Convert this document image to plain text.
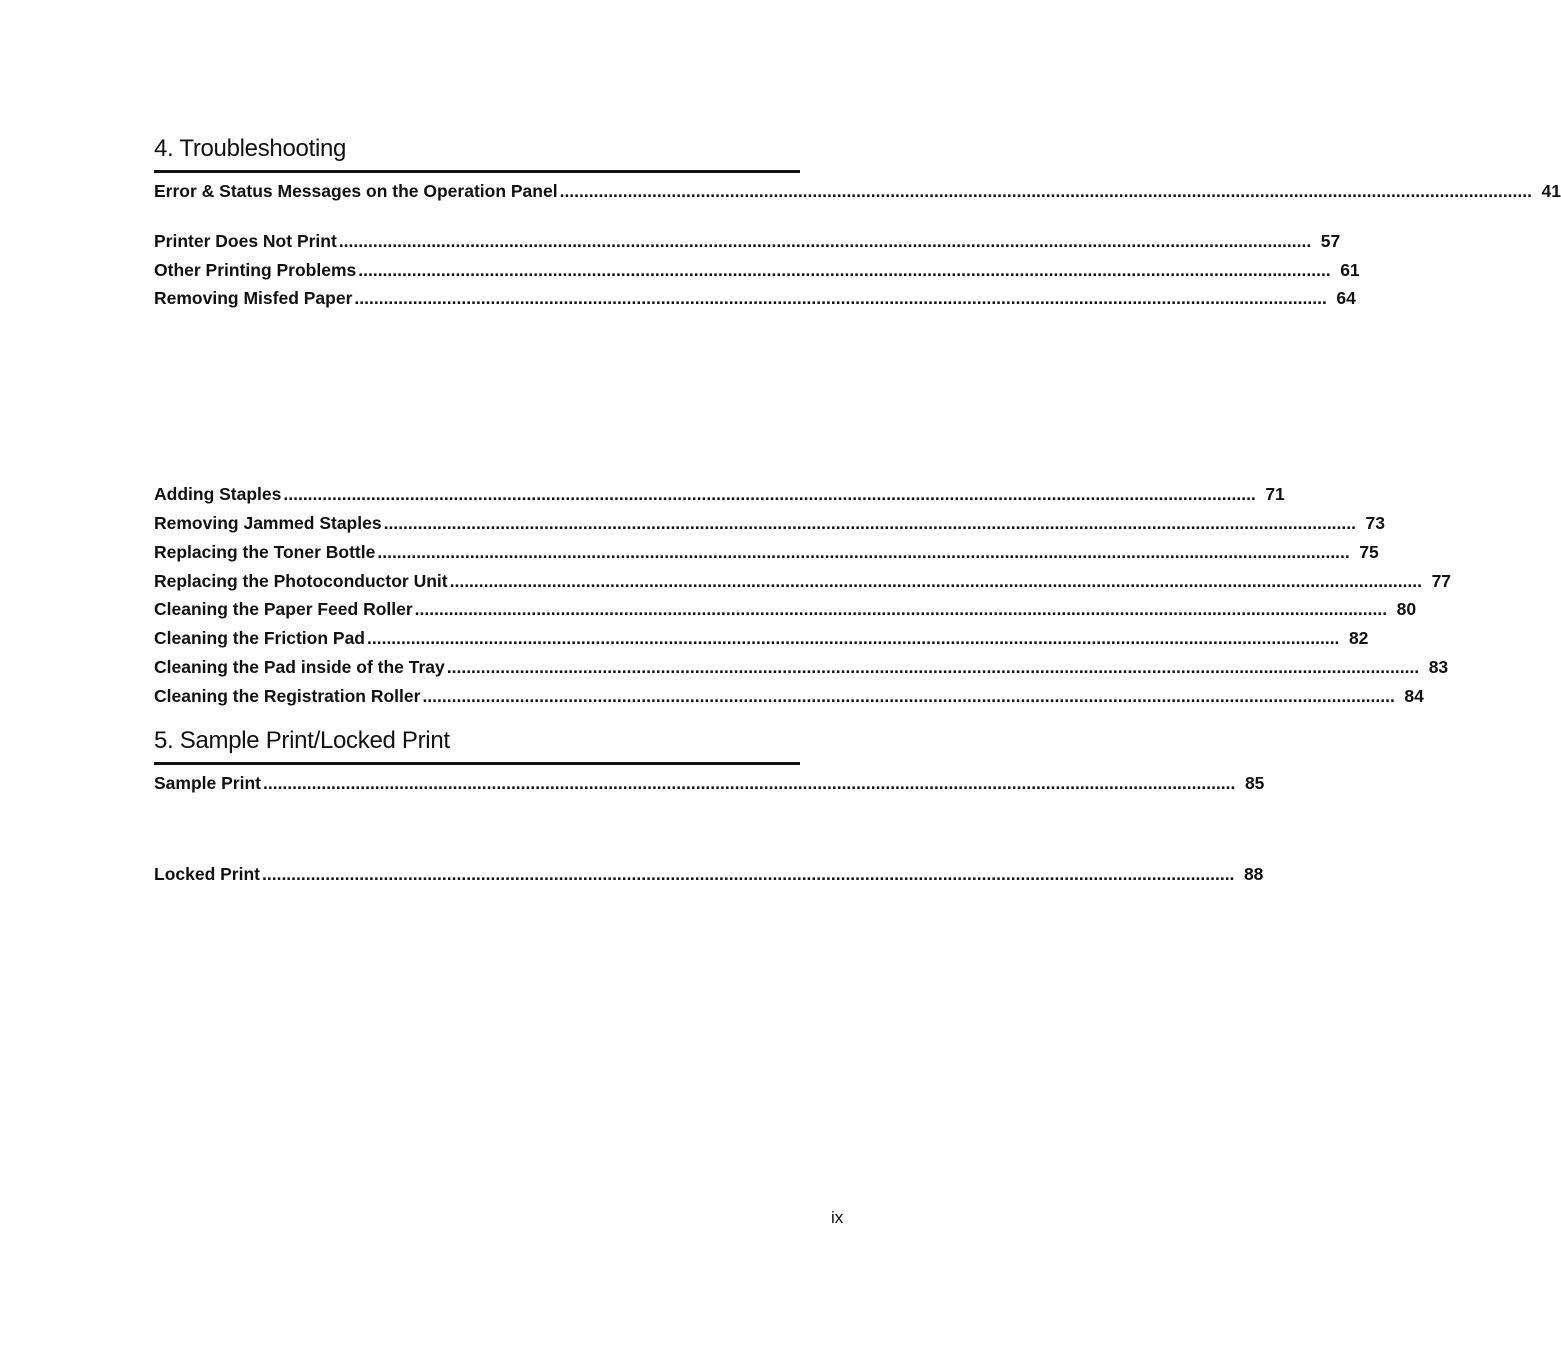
4. Troubleshooting
Error & Status Messages on the Operation Panel ........................................................................................................................................................................................................ 41
Printer Does Not Print ........................................................................................................................................................................................................ 57
Other Printing Problems ........................................................................................................................................................................................................ 61
Removing Misfed Paper ........................................................................................................................................................................................................ 64
Adding Staples ........................................................................................................................................................................................................ 71
Removing Jammed Staples ........................................................................................................................................................................................................ 73
Replacing the Toner Bottle ........................................................................................................................................................................................................ 75
Replacing the Photoconductor Unit ........................................................................................................................................................................................................ 77
Cleaning the Paper Feed Roller ........................................................................................................................................................................................................ 80
Cleaning the Friction Pad ........................................................................................................................................................................................................ 82
Cleaning the Pad inside of the Tray ........................................................................................................................................................................................................ 83
Cleaning the Registration Roller ........................................................................................................................................................................................................ 84
5. Sample Print/Locked Print
Sample Print ........................................................................................................................................................................................................ 85
Locked Print ........................................................................................................................................................................................................ 88
ix
